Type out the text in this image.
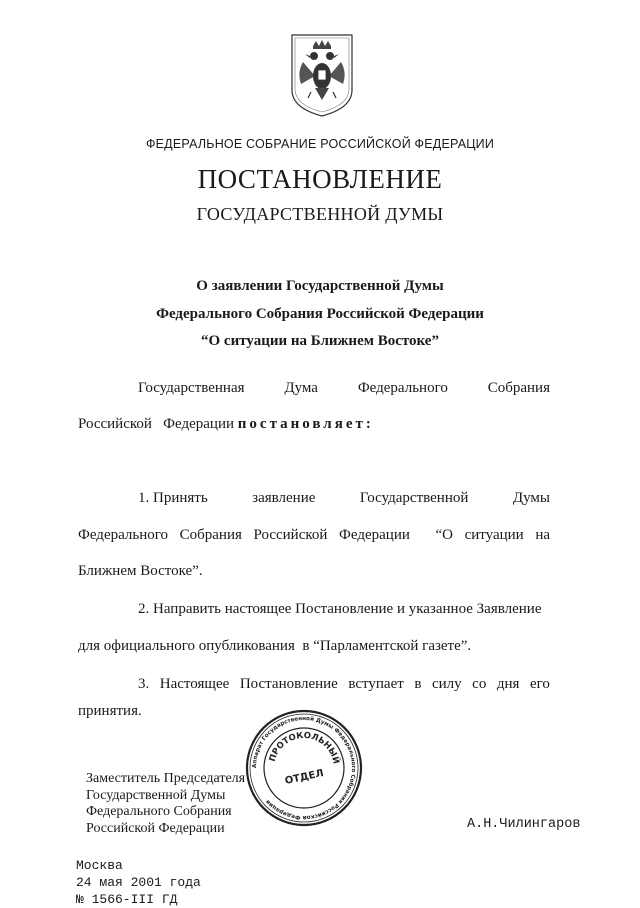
ФЕДЕРАЛЬНОЕ СОБРАНИЕ РОССИЙСКОЙ ФЕДЕРАЦИИ
ПОСТАНОВЛЕНИЕ
ГОСУДАРСТВЕННОЙ ДУМЫ
О заявлении Государственной Думы
Федерального Собрания Российской Федерации
“О ситуации на Ближнем Востоке”
Государственная	Дума	Федерального	Собрания
Российской   Федерации постановляет:
1. Принять	заявление	Государственной	Думы
Федерального Собрания Российской Федерации “О ситуации на
Ближнем Востоке”.
2. Направить настоящее Постановление и указанное Заявление
для официального опубликования  в “Парламентской газете”.
3. Настоящее Постановление вступает в силу со дня его
принятия.
Заместитель Председателя
Государственной Думы
Федерального Собрания
Российской Федерации
Аппарат Государственной Думы Федерального Собрания Российской Федерации
ПРОТОКОЛЬНЫЙ
ОТДЕЛ
А.Н.Чилингаров
Москва
24 мая 2001 года
№ 1566-III ГД
